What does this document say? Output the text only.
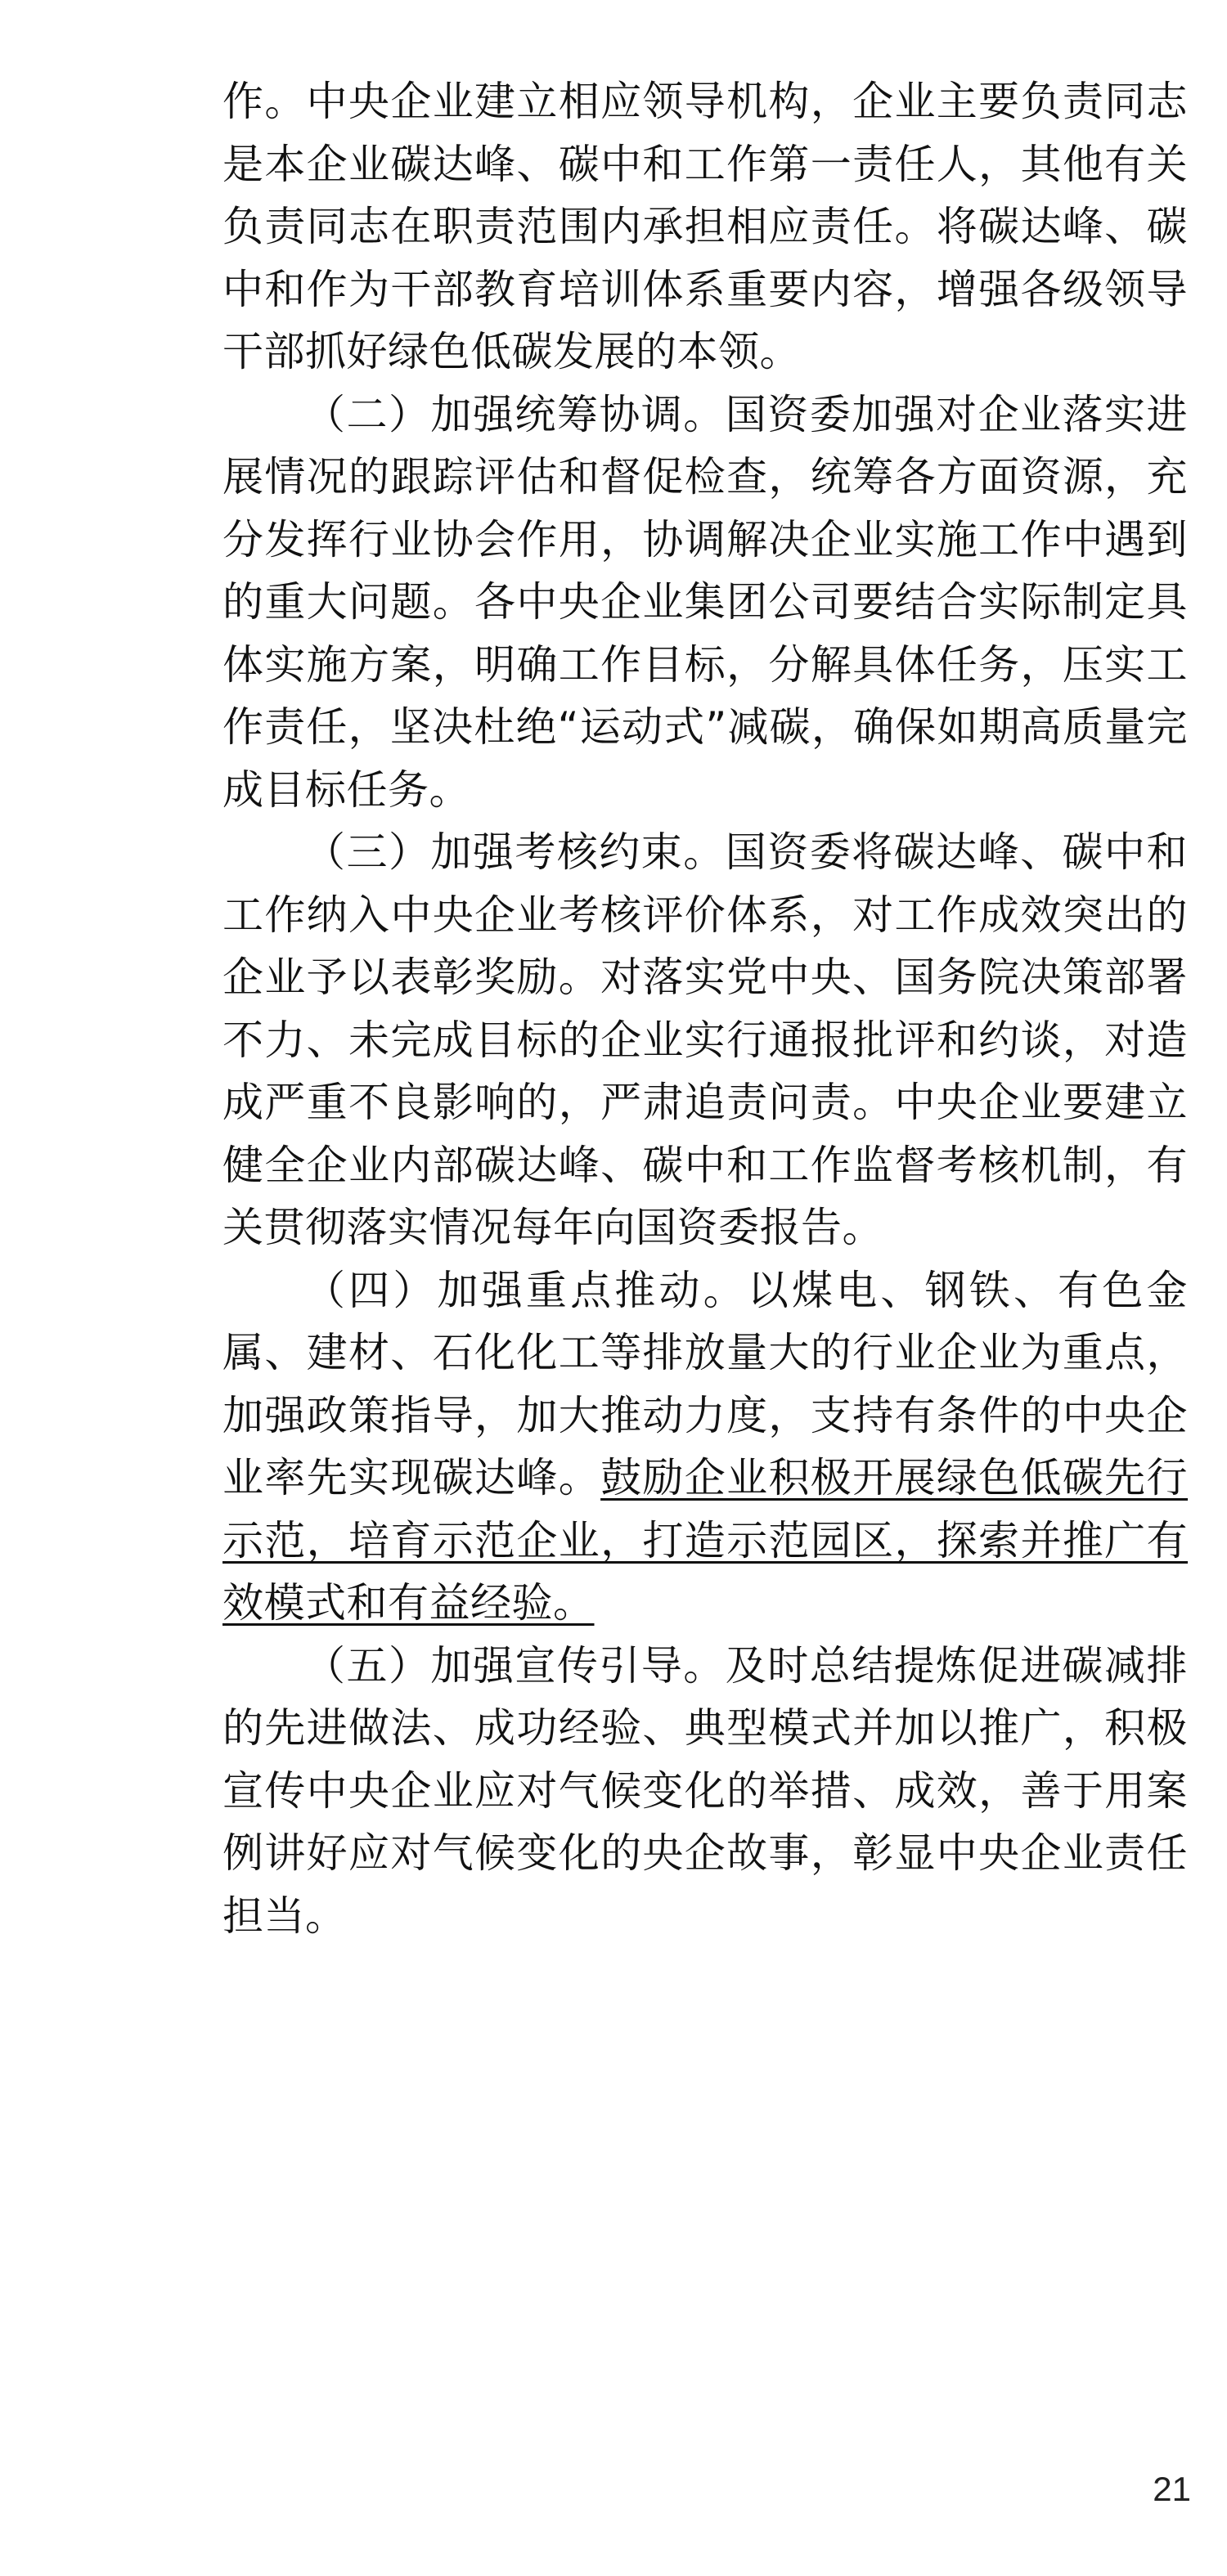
作。中央企业建立相应领导机构，企业主要负责同志是本企业碳达峰、碳中和工作第一责任人，其他有关负责同志在职责范围内承担相应责任。将碳达峰、碳中和作为干部教育培训体系重要内容，增强各级领导干部抓好绿色低碳发展的本领。

（二）加强统筹协调。国资委加强对企业落实进展情况的跟踪评估和督促检查，统筹各方面资源，充分发挥行业协会作用，协调解决企业实施工作中遇到的重大问题。各中央企业集团公司要结合实际制定具体实施方案，明确工作目标，分解具体任务，压实工作责任，坚决杜绝“运动式”减碳，确保如期高质量完成目标任务。

（三）加强考核约束。国资委将碳达峰、碳中和工作纳入中央企业考核评价体系，对工作成效突出的企业予以表彰奖励。对落实党中央、国务院决策部署不力、未完成目标的企业实行通报批评和约谈，对造成严重不良影响的，严肃追责问责。中央企业要建立健全企业内部碳达峰、碳中和工作监督考核机制，有关贯彻落实情况每年向国资委报告。

（四）加强重点推动。以煤电、钢铁、有色金属、建材、石化化工等排放量大的行业企业为重点，加强政策指导，加大推动力度，支持有条件的中央企业率先实现碳达峰。鼓励企业积极开展绿色低碳先行示范，培育示范企业，打造示范园区，探索并推广有效模式和有益经验。

（五）加强宣传引导。及时总结提炼促进碳减排的先进做法、成功经验、典型模式并加以推广，积极宣传中央企业应对气候变化的举措、成效，善于用案例讲好应对气候变化的央企故事，彰显中央企业责任担当。

21
